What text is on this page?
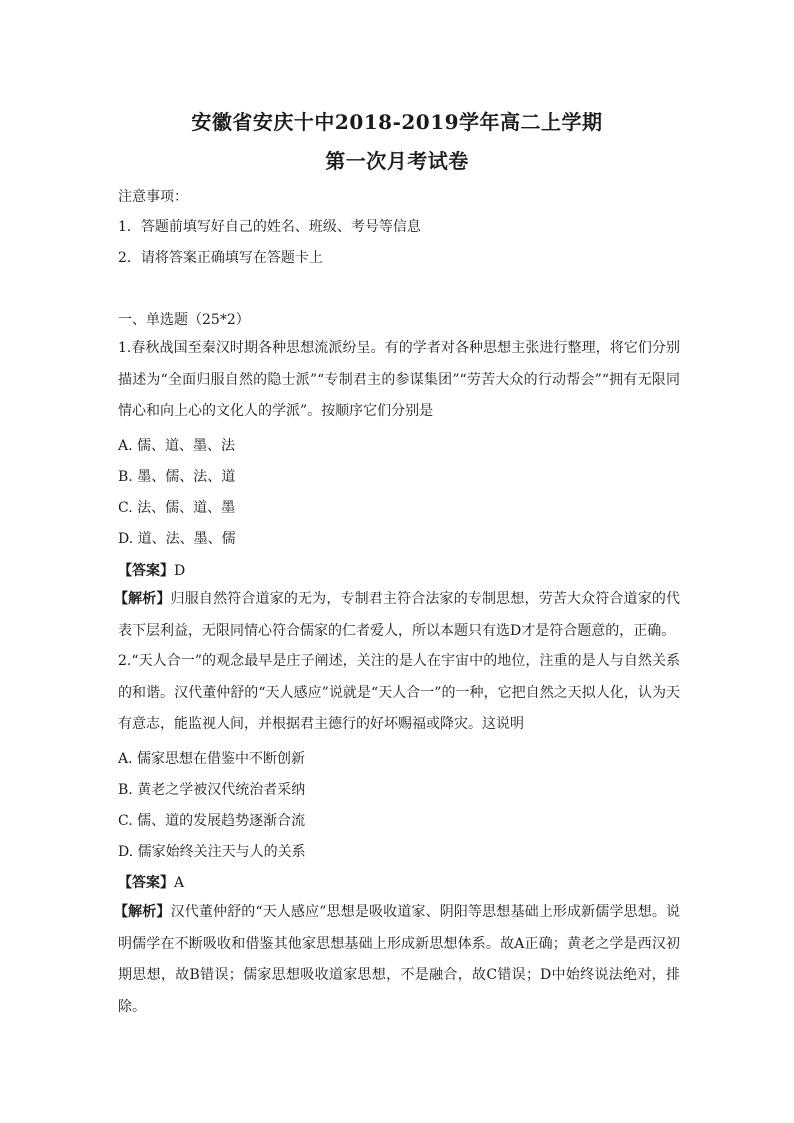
安徽省安庆十中2018-2019学年高二上学期
第一次月考试卷
注意事项：
1．答题前填写好自己的姓名、班级、考号等信息
2．请将答案正确填写在答题卡上
一、单选题（25*2）
1.春秋战国至秦汉时期各种思想流派纷呈。有的学者对各种思想主张进行整理，将它们分别描述为“全面归服自然的隐士派”“专制君主的参谋集团”“劳苦大众的行动帮会”“拥有无限同情心和向上心的文化人的学派”。按顺序它们分别是
A. 儒、道、墨、法
B. 墨、儒、法、道
C. 法、儒、道、墨
D. 道、法、墨、儒
【答案】D
【解析】归服自然符合道家的无为，专制君主符合法家的专制思想，劳苦大众符合道家的代表下层利益，无限同情心符合儒家的仁者爱人，所以本题只有选D才是符合题意的，正确。
2.“天人合一”的观念最早是庄子阐述，关注的是人在宇宙中的地位，注重的是人与自然关系的和谐。汉代董仲舒的“天人感应”说就是“天人合一”的一种，它把自然之天拟人化，认为天有意志，能监视人间，并根据君主德行的好坏赐福或降灾。这说明
A. 儒家思想在借鉴中不断创新
B. 黄老之学被汉代统治者采纳
C. 儒、道的发展趋势逐渐合流
D. 儒家始终关注天与人的关系
【答案】A
【解析】汉代董仲舒的“天人感应”思想是吸收道家、阴阳等思想基础上形成新儒学思想。说明儒学在不断吸收和借鉴其他家思想基础上形成新思想体系。故A正确；黄老之学是西汉初期思想，故B错误；儒家思想吸收道家思想，不是融合，故C错误；D中始终说法绝对，排除。
